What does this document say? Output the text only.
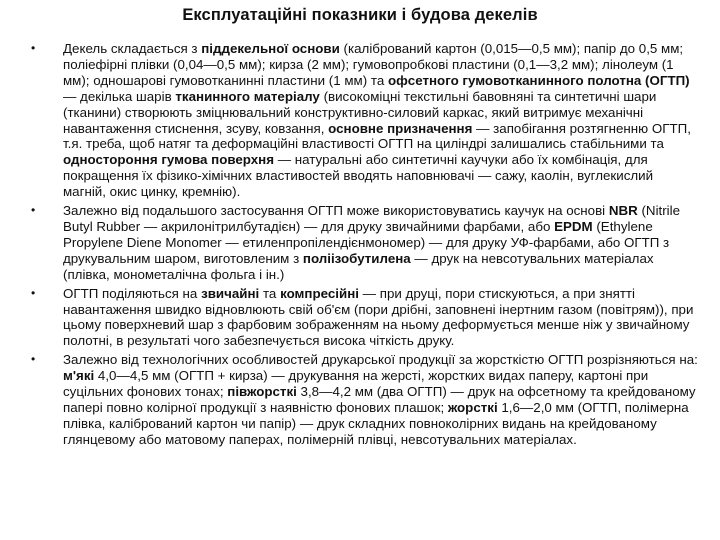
Експлуатаційні показники і будова декелів
• Декель складається з піддекельної основи (калібрований картон (0,015—0,5 мм); папір до 0,5 мм; поліефірні плівки (0,04—0,5 мм); кирза (2 мм); гумовопробкові пластини (0,1—3,2 мм); лінолеум (1 мм); одношарові гумовотканинні пластини (1 мм) та офсетного гумовотканинного полотна (ОГТП) — декілька шарів тканинного матеріалу (високоміцні текстильні бавовняні та синтетичні шари (тканини) створюють зміцнювальний конструктивно-силовий каркас, який витримує механічні навантаження стиснення, зсуву, ковзання, основне призначення — запобігання розтягненню ОГТП, т.я. треба, щоб натяг та деформаційні властивості ОГТП на циліндрі залишались стабільними та одностороння гумова поверхня — натуральні або синтетичні каучуки або їх комбінація, для покращення їх фізико-хімічних властивостей вводять наповнювачі — сажу, каолін, вуглекислий магній, окис цинку, кремнію).
• Залежно від подальшого застосування ОГТП може використовуватись каучук на основі NBR (Nitrile Butyl Rubber — акрилонітрилбутадієн) — для друку звичайними фарбами, або EPDM (Ethylene Propylene Diene Monomer — етиленпропілендієнмономер) — для друку УФ-фарбами, або ОГТП з друкувальним шаром, виготовленим з поліізобутилена — друк на невсотувальних матеріалах (плівка, монометалічна фольга і ін.)
• ОГТП поділяються на звичайні та компресійні — при друці, пори стискуються, а при знятті навантаження швидко відновлюють свій об'єм (пори дрібні, заповнені інертним газом (повітрям)), при цьому поверхневий шар з фарбовим зображенням на ньому деформується менше ніж у звичайному полотні, в результаті чого забезпечується висока чіткість друку.
• Залежно від технологічних особливостей друкарської продукції за жорсткістю ОГТП розрізняються на: м'які 4,0—4,5 мм (ОГТП + кирза) — друкування на жерсті, жорстких видах паперу, картоні при суцільних фонових тонах; півжорсткі 3,8—4,2 мм (два ОГТП) — друк на офсетному та крейдованому папері повно колірної продукції з наявністю фонових плашок; жорсткі 1,6—2,0 мм (ОГТП, полімерна плівка, калібрований картон чи папір) — друк складних повноколірних видань на крейдованому глянцевому або матовому паперах, полімерній плівці, невсотувальних матеріалах.
